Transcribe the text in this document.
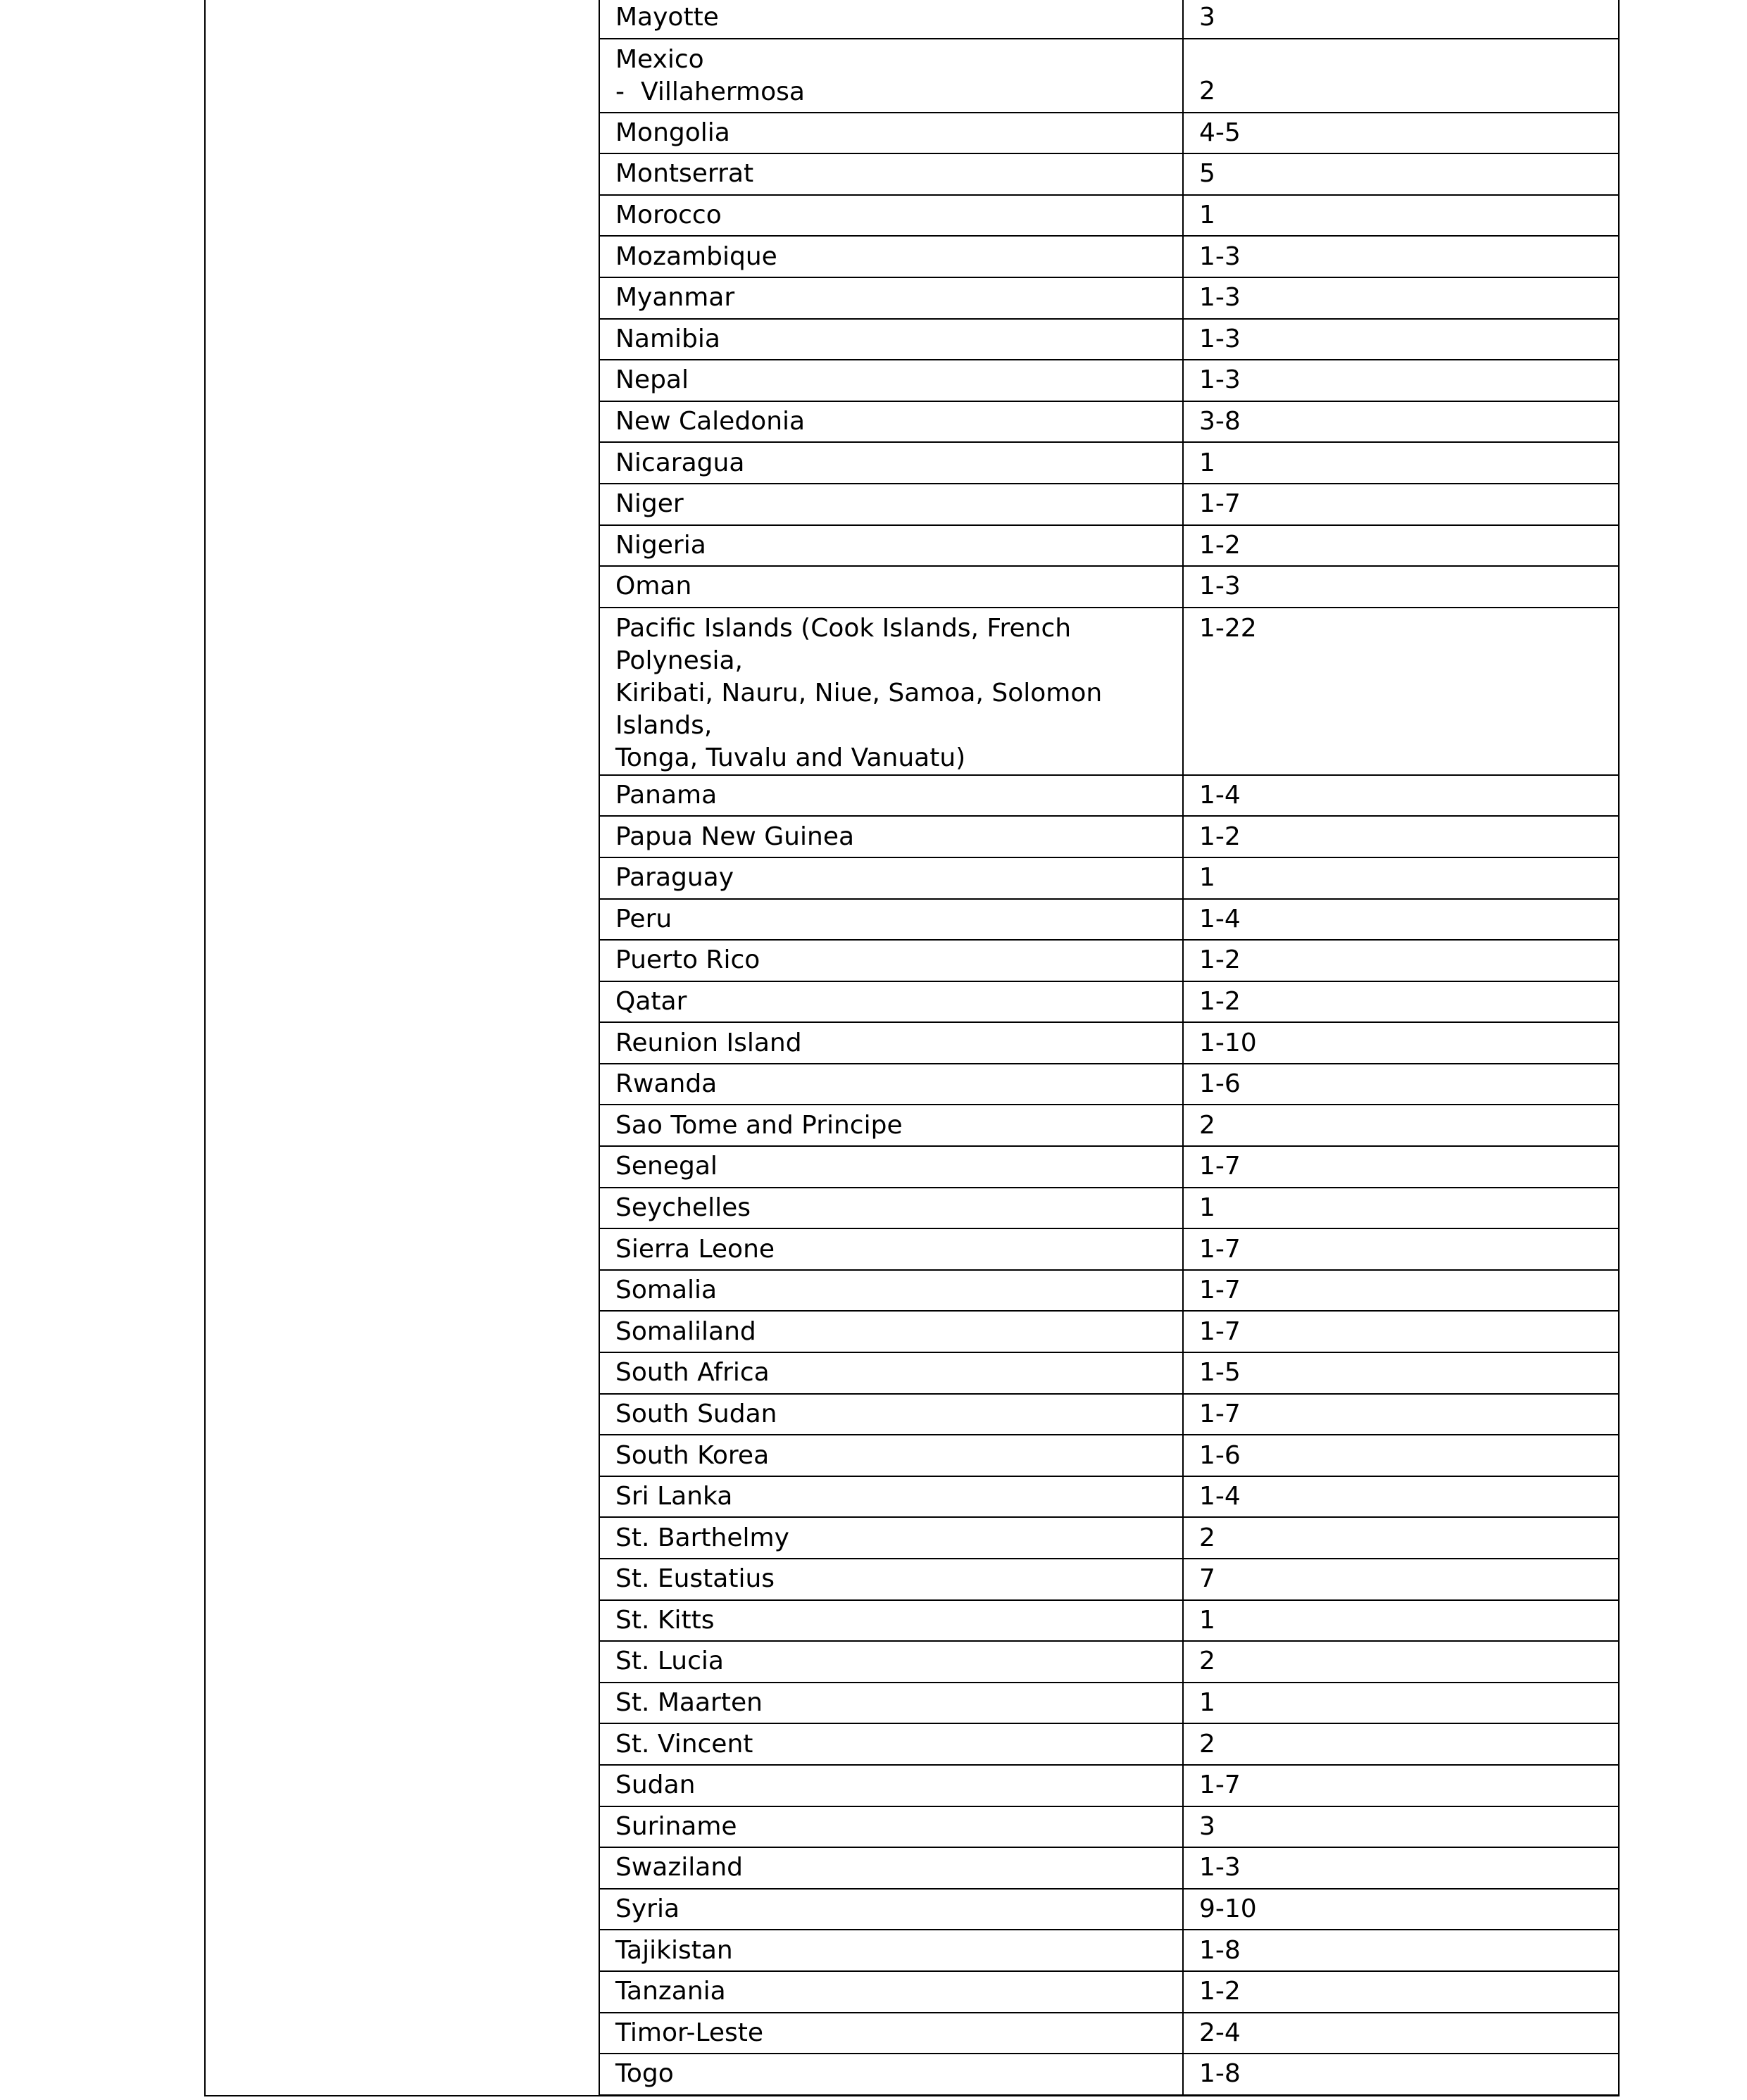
Mayotte	3

Mexico
- Villahermosa	2

Mongolia	4-5

Montserrat	5

Morocco	1

Mozambique	1-3

Myanmar	1-3

Namibia	1-3

Nepal	1-3

New Caledonia	3-8

Nicaragua	1

Niger	1-7

Nigeria	1-2

Oman	1-3

Pacific Islands (Cook Islands, French Polynesia,
Kiribati, Nauru, Niue, Samoa, Solomon Islands,
Tonga, Tuvalu and Vanuatu)	1-22

Panama	1-4

Papua New Guinea	1-2

Paraguay	1

Peru	1-4

Puerto Rico	1-2

Qatar	1-2

Reunion Island	1-10

Rwanda	1-6

Sao Tome and Principe	2

Senegal	1-7

Seychelles	1

Sierra Leone	1-7

Somalia	1-7

Somaliland	1-7

South Africa	1-5

South Sudan	1-7

South Korea	1-6

Sri Lanka	1-4

St. Barthelmy	2

St. Eustatius	7

St. Kitts	1

St. Lucia	2

St. Maarten	1

St. Vincent	2

Sudan	1-7

Suriname	3

Swaziland	1-3

Syria	9-10

Tajikistan	1-8

Tanzania	1-2

Timor-Leste	2-4

Togo	1-8
